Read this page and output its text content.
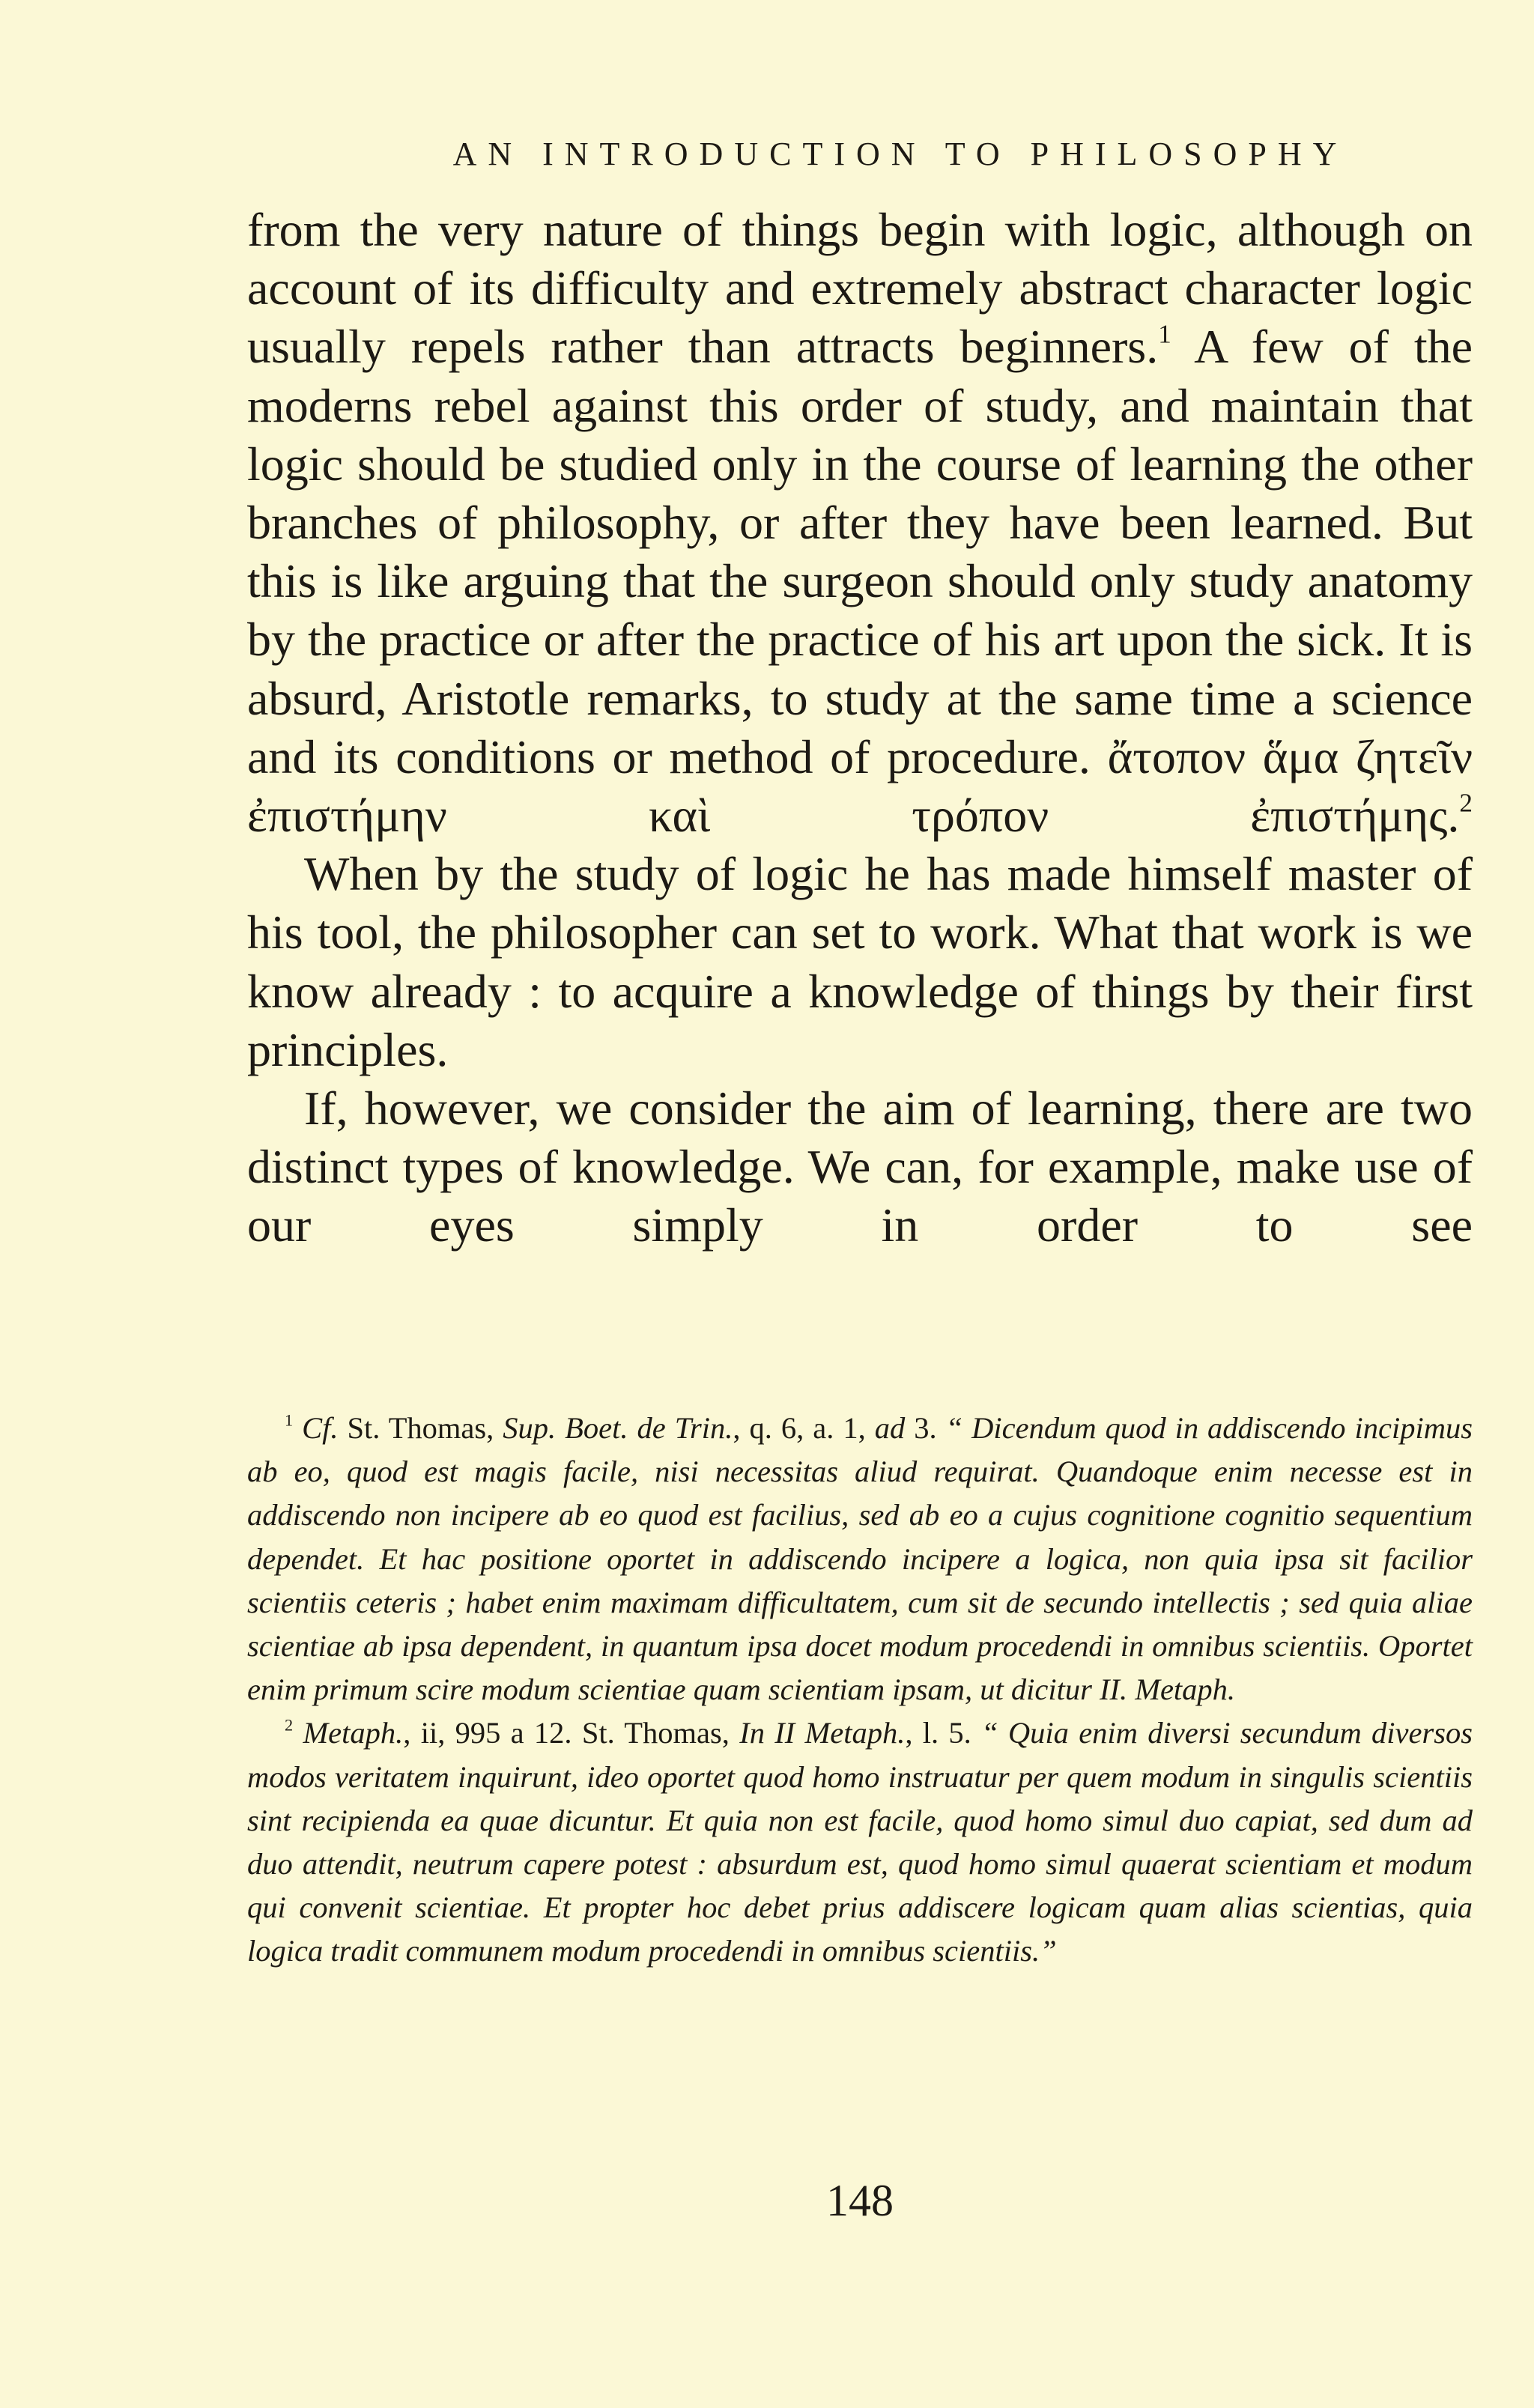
AN INTRODUCTION TO PHILOSOPHY

from the very nature of things begin with logic, although on account of its difficulty and extremely abstract character logic usually repels rather than attracts beginners.$^1$ A few of the moderns rebel against this order of study, and maintain that logic should be studied only in the course of learning the other branches of philosophy, or after they have been learned. But this is like arguing that the surgeon should only study anatomy by the practice or after the practice of his art upon the sick. It is absurd, Aristotle remarks, to study at the same time a science and its conditions or method of procedure. ἄτοπον ἅμα ζητεῖν ἐπιστήμην καὶ τρόπον ἐπιστήμης.$^2$

When by the study of logic he has made himself master of his tool, the philosopher can set to work. What that work is we know already : to acquire a knowledge of things by their first principles.

If, however, we consider the aim of learning, there are two distinct types of knowledge. We can, for example, make use of our eyes simply in order to see

$^1$ Cf. St. Thomas, Sup. Boet. de Trin., q. 6, a. 1, ad 3. “ Dicendum quod in addiscendo incipimus ab eo, quod est magis facile, nisi necessitas aliud requirat. Quandoque enim necesse est in addiscendo non incipere ab eo quod est facilius, sed ab eo a cujus cognitione cognitio sequentium dependet. Et hac positione oportet in addiscendo incipere a logica, non quia ipsa sit facilior scientiis ceteris ; habet enim maximam difficultatem, cum sit de secundo intellectis ; sed quia aliae scientiae ab ipsa dependent, in quantum ipsa docet modum procedendi in omnibus scientiis. Oportet enim primum scire modum scientiae quam scientiam ipsam, ut dicitur II. Metaph.

$^2$ Metaph., ii, 995 a 12. St. Thomas, In II Metaph., l. 5. “ Quia enim diversi secundum diversos modos veritatem inquirunt, ideo oportet quod homo instruatur per quem modum in singulis scientiis sint recipienda ea quae dicuntur. Et quia non est facile, quod homo simul duo capiat, sed dum ad duo attendit, neutrum capere potest : absurdum est, quod homo simul quaerat scientiam et modum qui convenit scientiae. Et propter hoc debet prius addiscere logicam quam alias scientias, quia logica tradit communem modum procedendi in omnibus scientiis.”

148
